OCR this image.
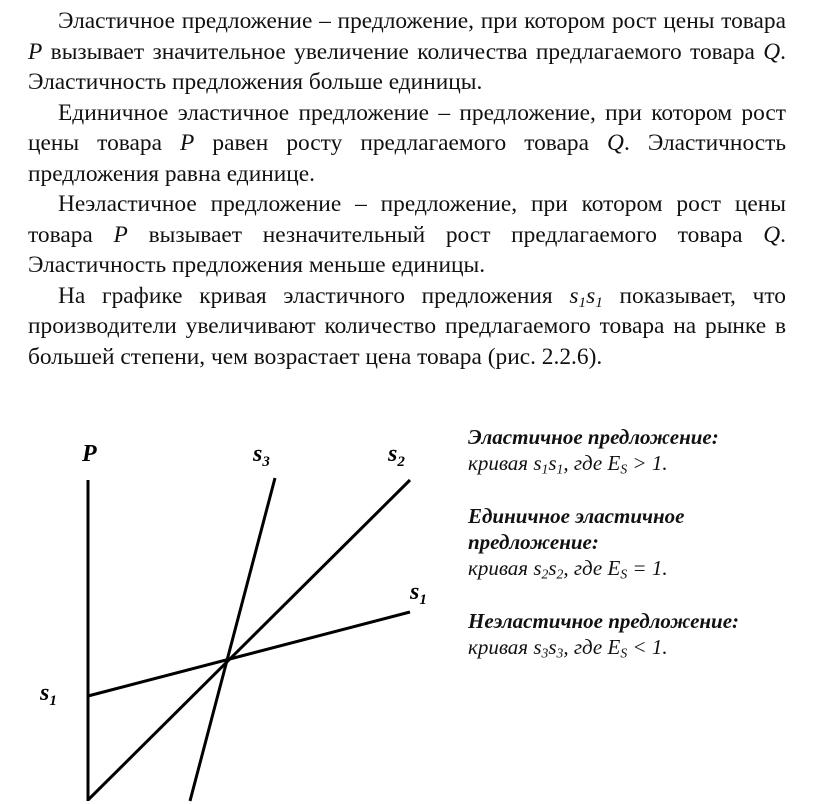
Эластичное предложение – предложение, при котором рост цены товара P вызывает значительное увеличение количества предлагаемого товара Q. Эластичность предложения больше единицы.

Единичное эластичное предложение – предложение, при котором рост цены товара P равен росту предлагаемого товара Q. Эластичность предложения равна единице.

Неэластичное предложение – предложение, при котором рост цены товара P вызывает незначительный рост предлагаемого товара Q. Эластичность предложения меньше единицы.

На графике кривая эластичного предложения $s_1s_1$ показывает, что производители увеличивают количество предлагаемого товара на рынке в большей степени, чем возрастает цена товара (рис. 2.2.6).

P	$s_3$	$s_2$
$s_1$
$s_1$
Эластичное предложение:
кривая $s_1s_1$, где $E_S > 1$.
Единичное эластичное предложение:
кривая $s_2s_2$, где $E_S = 1$.
Неэластичное предложение:
кривая $s_3s_3$, где $E_S < 1$.
